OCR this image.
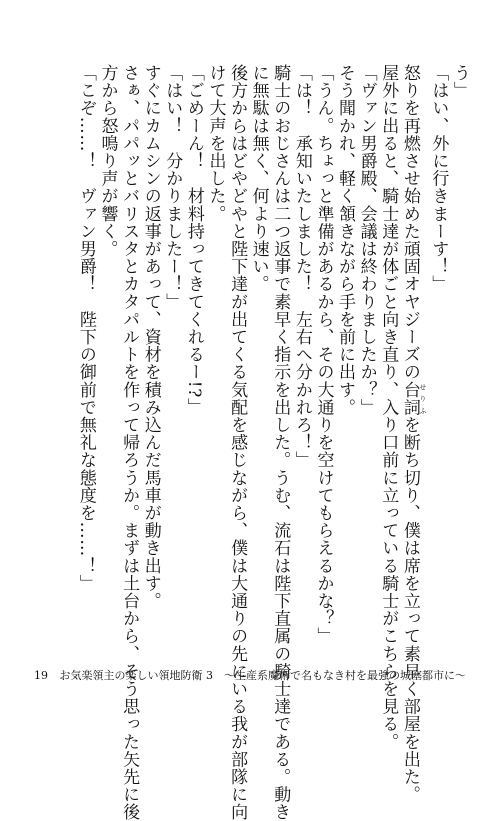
う」
「はい、外に行きまーす！」
怒りを再燃させ始めた頑固オヤジーズの台詞 せりふを断ち切り、僕は席を立って素早く部屋を出た。
屋外に出ると、騎士達が体ごと向き直り、入り口前に立っている騎士がこちらを見る。
「ヴァン男爵殿、会議は終わりましたか？」
そう聞かれ、軽く頷きながら手を前に出す。
「うん。ちょっと準備があるから、その大通りを空けてもらえるかな？」
「は！　承知いたしました！　左右へ分かれろ！」
騎士のおじさんは二つ返事で素早く指示を出した。うむ、流石は陛下直属の騎士達である。動き
に無駄は無く、何より速い。
後方からはどやどやと陛下達が出てくる気配を感じながら、僕は大通りの先にいる我が部隊に向
けて大声を出した。
「ごめーん！　材料持ってきてくれるー!?」
「はい！　分かりましたー！」
すぐにカムシンの返事があって、資材を積み込んだ馬車が動き出す。
さぁ、パパッとバリスタとカタパルトを作って帰ろうか。まずは土台から、そう思った矢先に後
方から怒鳴り声が響く。
「こぞ……！　ヴァン男爵！　陛下の御前で無礼な態度を……！」
19 お気楽領主の楽しい領地防衛 3　～生産系魔術で名もなき村を最強の城塞都市に～
